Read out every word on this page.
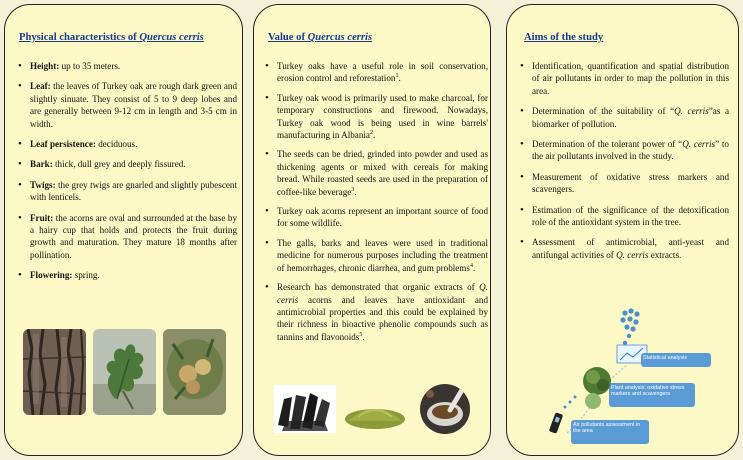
Physical characteristics of Quercus cerris
• Height: up to 35 meters.
• Leaf: the leaves of Turkey oak are rough dark green and slightly sinuate. They consist of 5 to 9 deep lobes and are generally between 9-12 cm in length and 3-5 cm in width.
• Leaf persistence: deciduous.
• Bark: thick, dull grey and deeply fissured.
• Twigs: the grey twigs are gnarled and slightly pubescent with lenticels.
• Fruit: the acorns are oval and surrounded at the base by a hairy cup that holds and protects the fruit during growth and maturation. They mature 18 months after pollination.
• Flowering: spring.
Value of Quercus cerris
• Turkey oaks have a useful role in soil conservation, erosion control and reforestation$^1$.
• Turkey oak wood is primarily used to make charcoal, for temporary constructions and firewood. Nowadays, Turkey oak wood is being used in wine barrels' manufacturing in Albania$^2$.
• The seeds can be dried, grinded into powder and used as thickening agents or mixed with cereals for making bread. While roasted seeds are used in the preparation of coffee-like beverage$^3$.
• Turkey oak acorns represent an important source of food for some wildlife.
• The galls, barks and leaves were used in traditional medicine for numerous purposes including the treatment of hemorrhages, chronic diarrhea, and gum problems$^4$.
• Research has demonstrated that organic extracts of Q. cerris acorns and leaves have antioxidant and antimicrobial properties and this could be explained by their richness in bioactive phenolic compounds such as tannins and flavonoids$^5$.
Aims of the study
• Identification, quantification and spatial distribution of air pollutants in order to map the pollution in this area.
• Determination of the suitability of “Q. cerris”as a biomarker of pollution.
• Determination of the tolerant power of “Q. cerris” to the air pollutants involved in the study.
• Measurement of oxidative stress markers and scavengers.
• Estimation of the significance of the detoxification role of the antioxidant system in the tree.
• Assessment of antimicrobial, anti-yeast and antifungal activities of Q. cerris extracts.
Statistical analysis
Plant analysis: oxidative stress markers and scavengers
Air pollutants assessment in the area
